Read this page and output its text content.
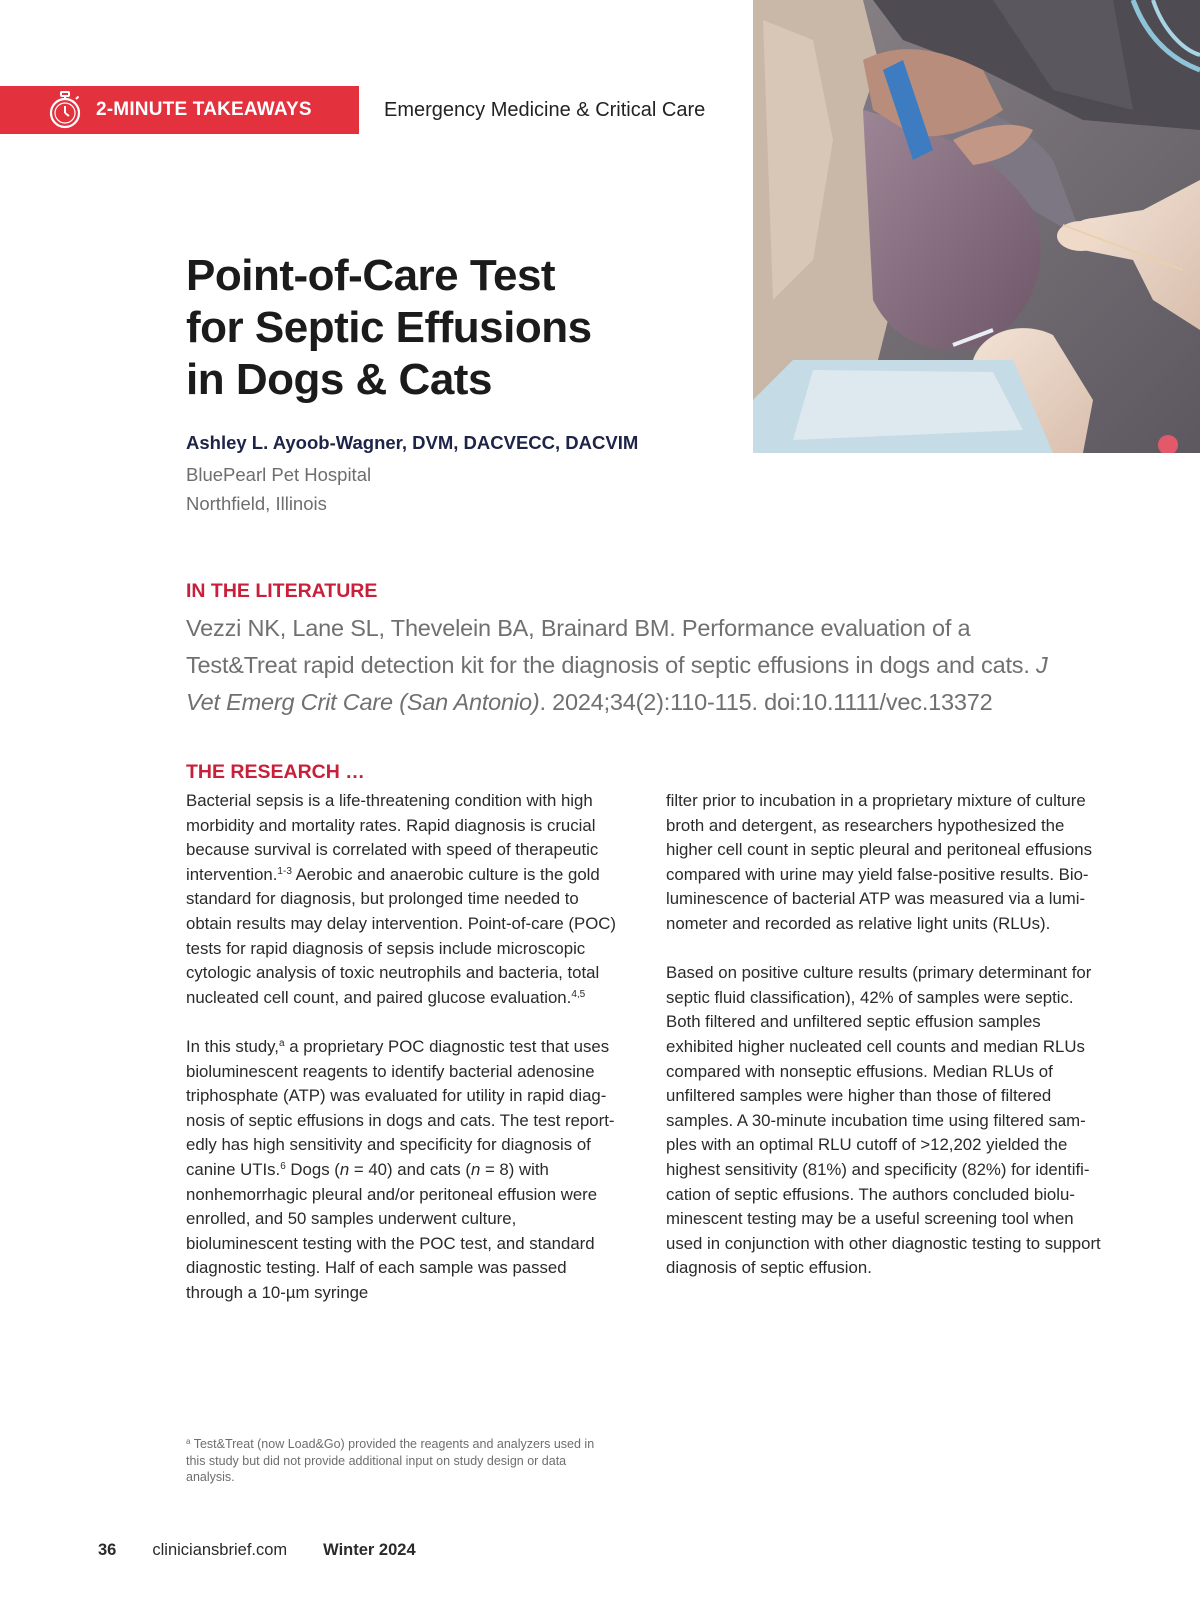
2-MINUTE TAKEAWAYS	Emergency Medicine & Critical Care
Point-of-Care Test
for Septic Effusions
in Dogs & Cats
Ashley L. Ayoob-Wagner, DVM, DACVECC, DACVIM
BluePearl Pet Hospital
Northfield, Illinois
IN THE LITERATURE
Vezzi NK, Lane SL, Thevelein BA, Brainard BM. Performance evaluation of a Test&Treat rapid detection kit for the diagnosis of septic effusions in dogs and cats. J Vet Emerg Crit Care (San Antonio). 2024;34(2):110-115. doi:10.1111/vec.13372
THE RESEARCH …

Bacterial sepsis is a life-threatening condition with high morbidity and mortality rates. Rapid diagnosis is crucial because survival is correlated with speed of therapeutic intervention.$^{1-3}$ Aerobic and anaerobic culture is the gold standard for diagnosis, but prolonged time needed to obtain results may delay intervention. Point-of-care (POC) tests for rapid diagnosis of sepsis include microscopic cytologic analysis of toxic neutrophils and bacteria, total nucleated cell count, and paired glucose evaluation.$^{4,5}$

In this study,$^a$ a proprietary POC diagnostic test that uses bioluminescent reagents to identify bacterial adenosine triphosphate (ATP) was evaluated for utility in rapid diagnosis of septic effusions in dogs and cats. The test reportedly has high sensitivity and specificity for diagnosis of canine UTIs.$^6$ Dogs (n = 40) and cats (n = 8) with nonhemorrhagic pleural and/or peritoneal effusion were enrolled, and 50 samples underwent culture, bioluminescent testing with the POC test, and standard diagnostic testing. Half of each sample was passed through a 10-µm syringe

filter prior to incubation in a proprietary mixture of culture broth and detergent, as researchers hypothesized the higher cell count in septic pleural and peritoneal effusions compared with urine may yield false-positive results. Bioluminescence of bacterial ATP was measured via a luminometer and recorded as relative light units (RLUs).

Based on positive culture results (primary determinant for septic fluid classification), 42% of samples were septic. Both filtered and unfiltered septic effusion samples exhibited higher nucleated cell counts and median RLUs compared with nonseptic effusions. Median RLUs of unfiltered samples were higher than those of filtered samples. A 30-minute incubation time using filtered samples with an optimal RLU cutoff of >12,202 yielded the highest sensitivity (81%) and specificity (82%) for identification of septic effusions. The authors concluded bioluminescent testing may be a useful screening tool when used in conjunction with other diagnostic testing to support diagnosis of septic effusion.

$^a$ Test&Treat (now Load&Go) provided the reagents and analyzers used in this study but did not provide additional input on study design or data analysis.
36 cliniciansbrief.com Winter 2024
